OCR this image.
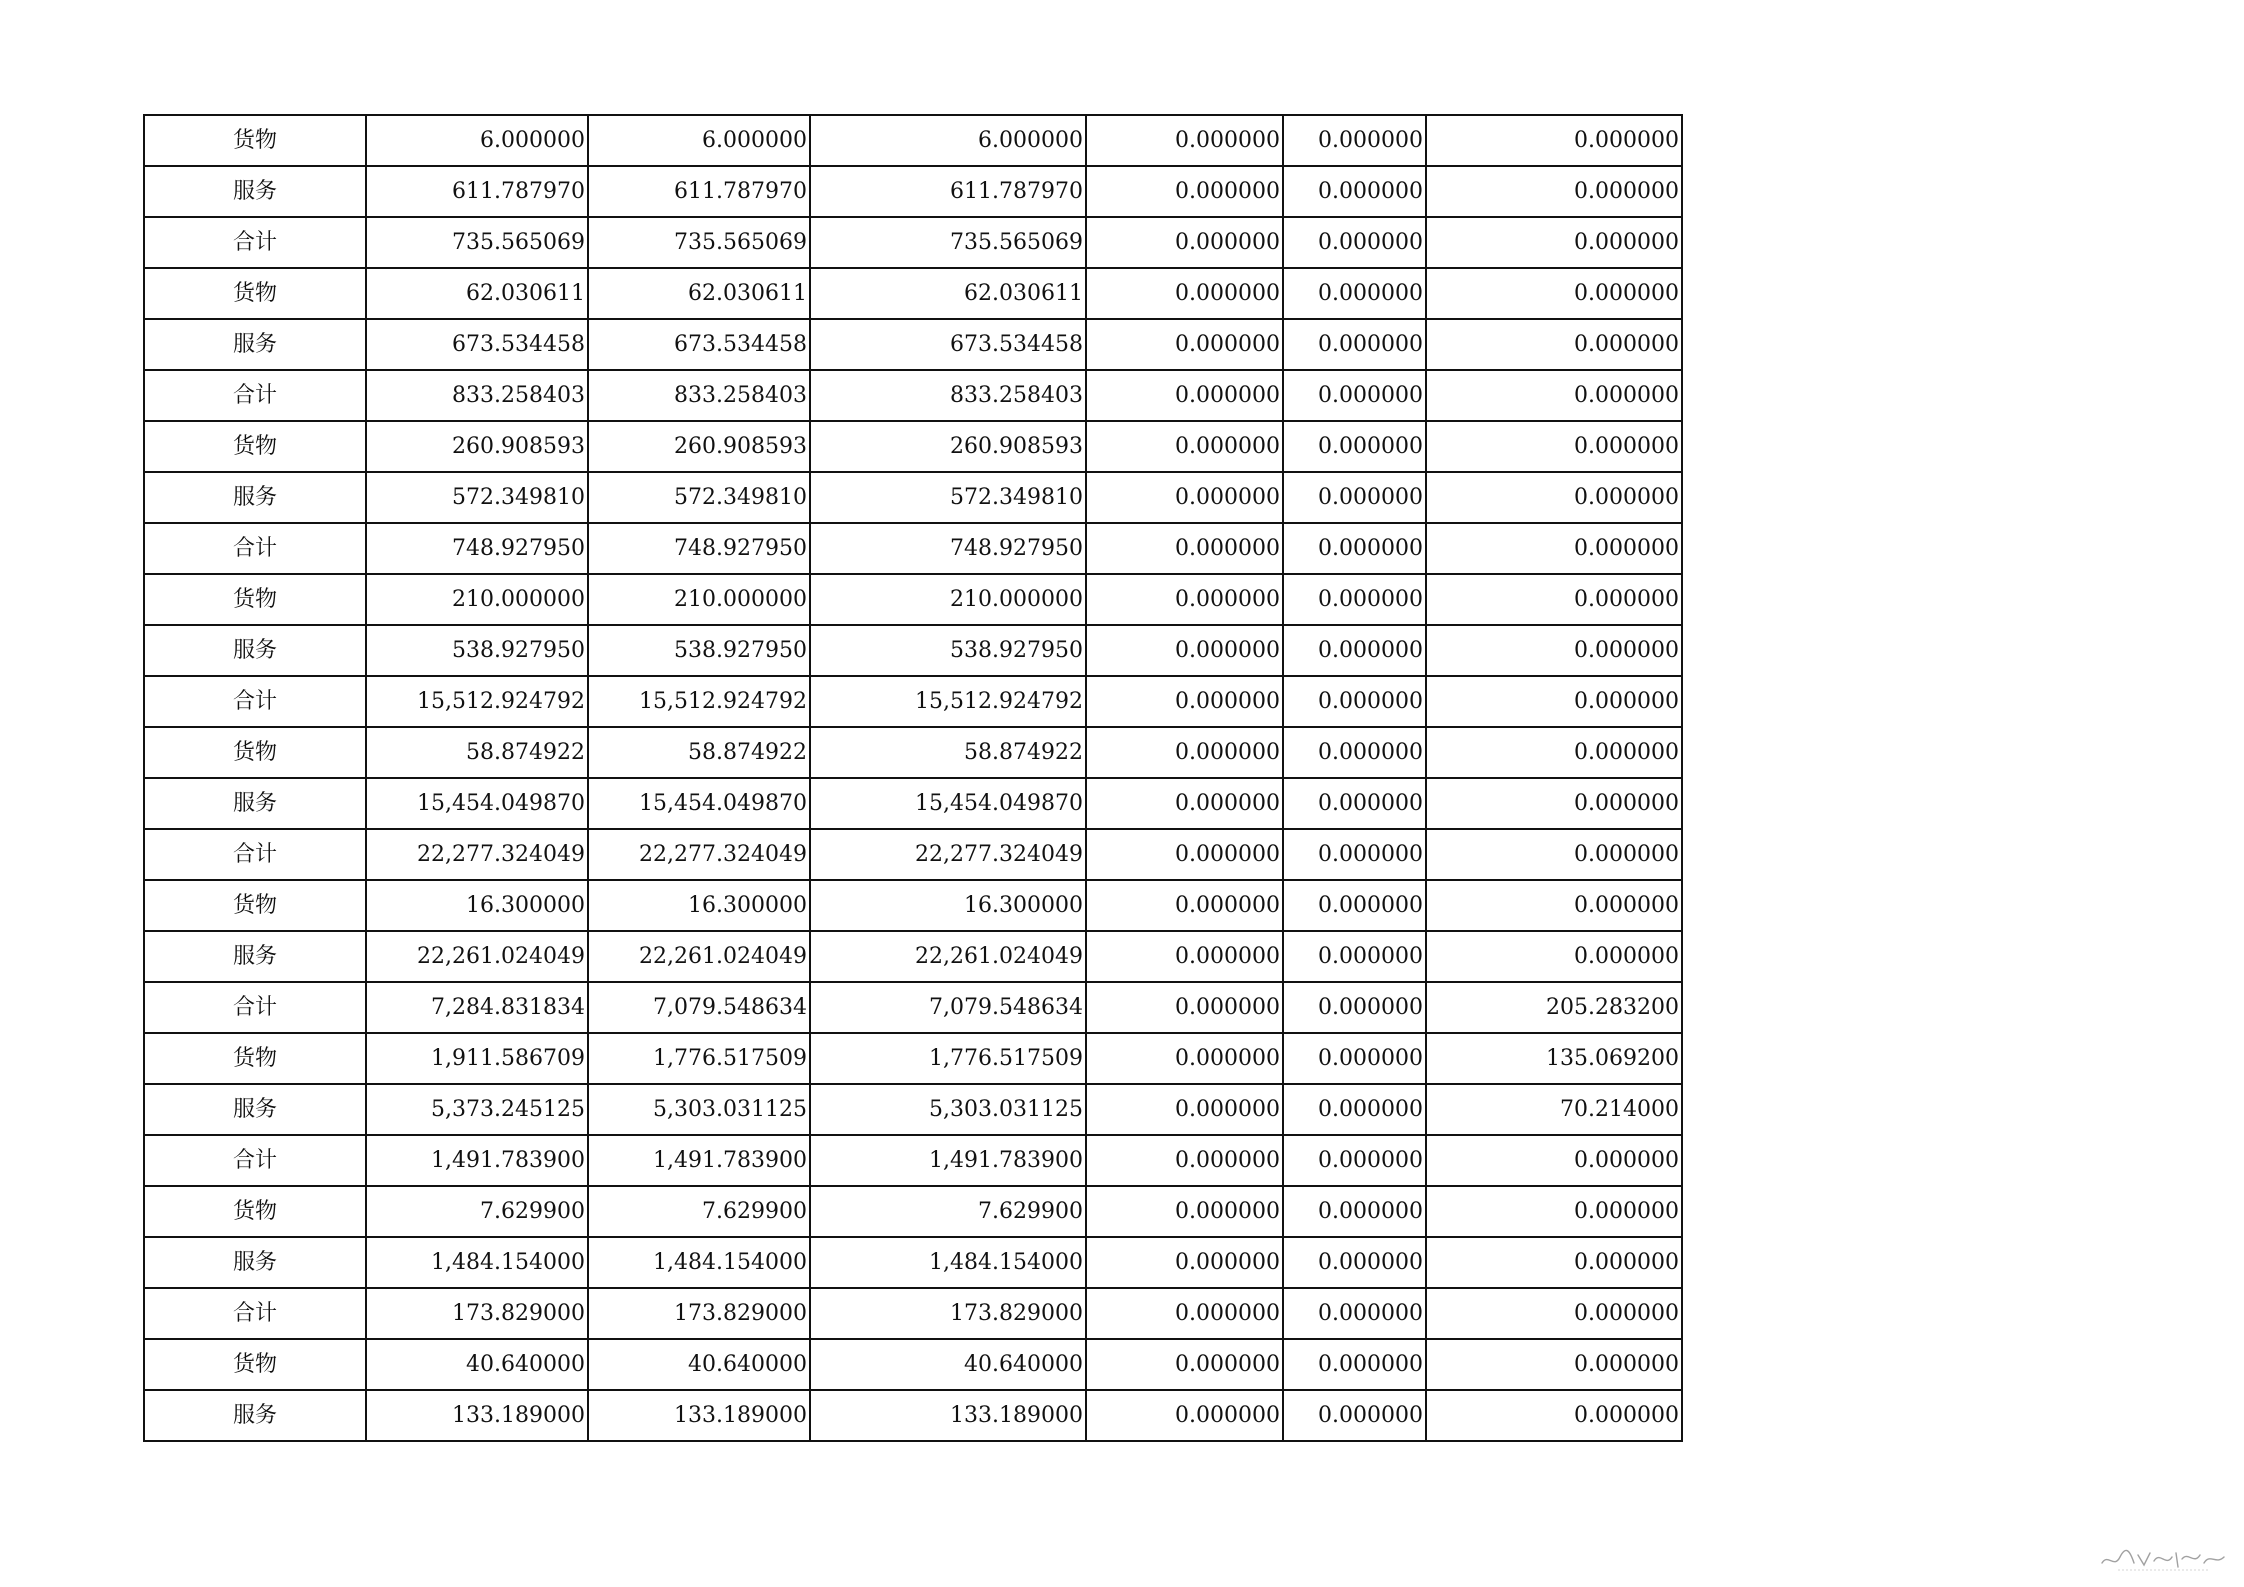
货物	6.000000	6.000000	6.000000	0.000000	0.000000	0.000000
服务	611.787970	611.787970	611.787970	0.000000	0.000000	0.000000
合计	735.565069	735.565069	735.565069	0.000000	0.000000	0.000000
货物	62.030611	62.030611	62.030611	0.000000	0.000000	0.000000
服务	673.534458	673.534458	673.534458	0.000000	0.000000	0.000000
合计	833.258403	833.258403	833.258403	0.000000	0.000000	0.000000
货物	260.908593	260.908593	260.908593	0.000000	0.000000	0.000000
服务	572.349810	572.349810	572.349810	0.000000	0.000000	0.000000
合计	748.927950	748.927950	748.927950	0.000000	0.000000	0.000000
货物	210.000000	210.000000	210.000000	0.000000	0.000000	0.000000
服务	538.927950	538.927950	538.927950	0.000000	0.000000	0.000000
合计	15,512.924792	15,512.924792	15,512.924792	0.000000	0.000000	0.000000
货物	58.874922	58.874922	58.874922	0.000000	0.000000	0.000000
服务	15,454.049870	15,454.049870	15,454.049870	0.000000	0.000000	0.000000
合计	22,277.324049	22,277.324049	22,277.324049	0.000000	0.000000	0.000000
货物	16.300000	16.300000	16.300000	0.000000	0.000000	0.000000
服务	22,261.024049	22,261.024049	22,261.024049	0.000000	0.000000	0.000000
合计	7,284.831834	7,079.548634	7,079.548634	0.000000	0.000000	205.283200
货物	1,911.586709	1,776.517509	1,776.517509	0.000000	0.000000	135.069200
服务	5,373.245125	5,303.031125	5,303.031125	0.000000	0.000000	70.214000
合计	1,491.783900	1,491.783900	1,491.783900	0.000000	0.000000	0.000000
货物	7.629900	7.629900	7.629900	0.000000	0.000000	0.000000
服务	1,484.154000	1,484.154000	1,484.154000	0.000000	0.000000	0.000000
合计	173.829000	173.829000	173.829000	0.000000	0.000000	0.000000
货物	40.640000	40.640000	40.640000	0.000000	0.000000	0.000000
服务	133.189000	133.189000	133.189000	0.000000	0.000000	0.000000
